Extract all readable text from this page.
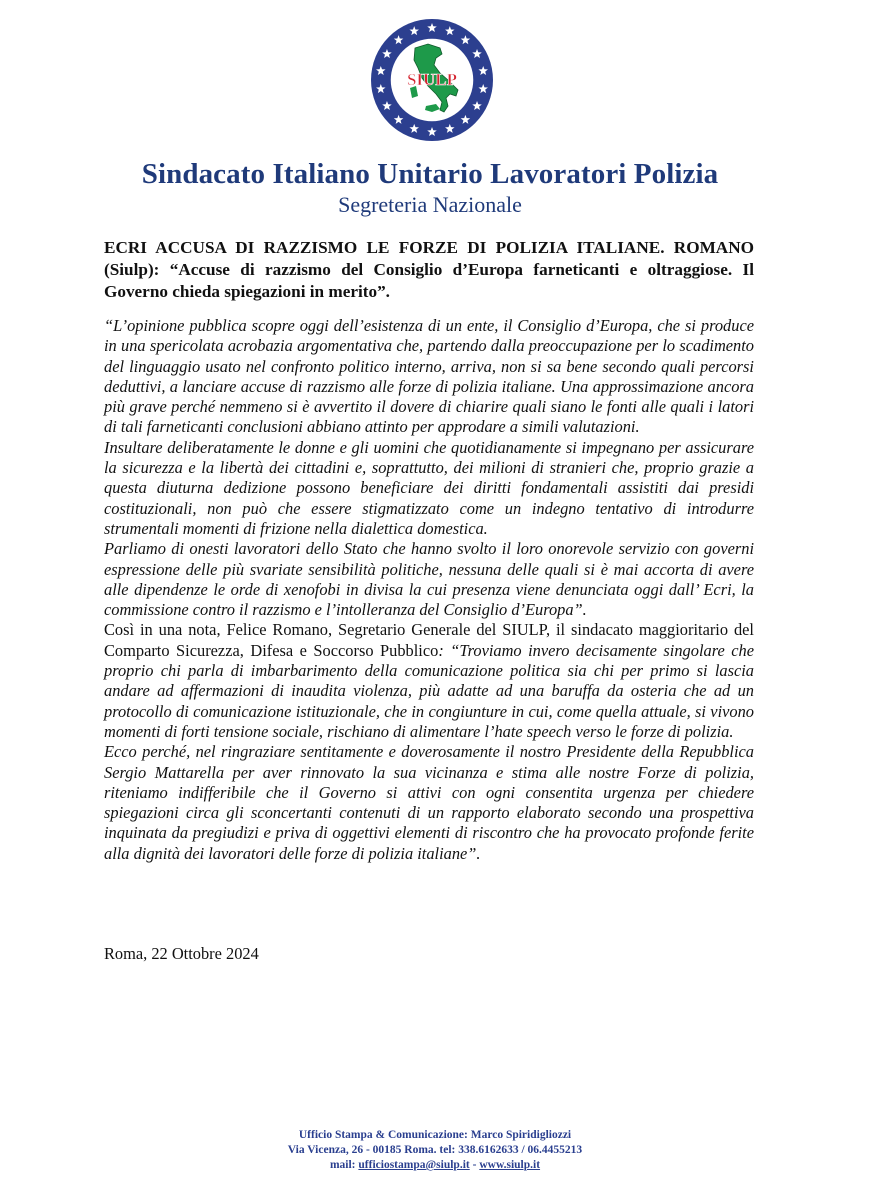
SIULP
Sindacato Italiano Unitario Lavoratori Polizia
Segreteria Nazionale
ECRI ACCUSA DI RAZZISMO LE FORZE DI POLIZIA ITALIANE. ROMANO (Siulp): “Accuse di razzismo del Consiglio d’Europa farneticanti e oltraggiose. Il Governo chieda spiegazioni in merito”.

“L’opinione pubblica scopre oggi dell’esistenza di un ente, il Consiglio d’Europa, che si produce in una spericolata acrobazia argomentativa che, partendo dalla preoccupazione per lo scadimento del linguaggio usato nel confronto politico interno, arriva, non si sa bene secondo quali percorsi deduttivi, a lanciare accuse di razzismo alle forze di polizia italiane. Una approssimazione ancora più grave perché nemmeno si è avvertito il dovere di chiarire quali siano le fonti alle quali i latori di tali farneticanti conclusioni abbiano attinto per approdare a simili valutazioni.

Insultare deliberatamente le donne e gli uomini che quotidianamente si impegnano per assicurare la sicurezza e la libertà dei cittadini e, soprattutto, dei milioni di stranieri che, proprio grazie a questa diuturna dedizione possono beneficiare dei diritti fondamentali assistiti dai presidi costituzionali, non può che essere stigmatizzato come un indegno tentativo di introdurre strumentali momenti di frizione nella dialettica domestica.

Parliamo di onesti lavoratori dello Stato che hanno svolto il loro onorevole servizio con governi espressione delle più svariate sensibilità politiche, nessuna delle quali si è mai accorta di avere alle dipendenze le orde di xenofobi in divisa la cui presenza viene denunciata oggi dall’ Ecri, la commissione contro il razzismo e l’intolleranza del Consiglio d’Europa”.

Così in una nota, Felice Romano, Segretario Generale del SIULP, il sindacato maggioritario del Comparto Sicurezza, Difesa e Soccorso Pubblico: “Troviamo invero decisamente singolare che proprio chi parla di imbarbarimento della comunicazione politica sia chi per primo si lascia andare ad affermazioni di inaudita violenza, più adatte ad una baruffa da osteria che ad un protocollo di comunicazione istituzionale, che in congiunture in cui, come quella attuale, si vivono momenti di forti tensione sociale, rischiano di alimentare l’hate speech verso le forze di polizia.

Ecco perché, nel ringraziare sentitamente e doverosamente il nostro Presidente della Repubblica Sergio Mattarella per aver rinnovato la sua vicinanza e stima alle nostre Forze di polizia, riteniamo indifferibile che il Governo si attivi con ogni consentita urgenza per chiedere spiegazioni circa gli sconcertanti contenuti di un rapporto elaborato secondo una prospettiva inquinata da pregiudizi e priva di oggettivi elementi di riscontro che ha provocato profonde ferite alla dignità dei lavoratori delle forze di polizia italiane”.

Roma, 22 Ottobre 2024
Ufficio Stampa & Comunicazione: Marco Spiridigliozzi
Via Vicenza, 26 - 00185 Roma. tel: 338.6162633 / 06.4455213
mail: ufficiostampa@siulp.it - www.siulp.it
